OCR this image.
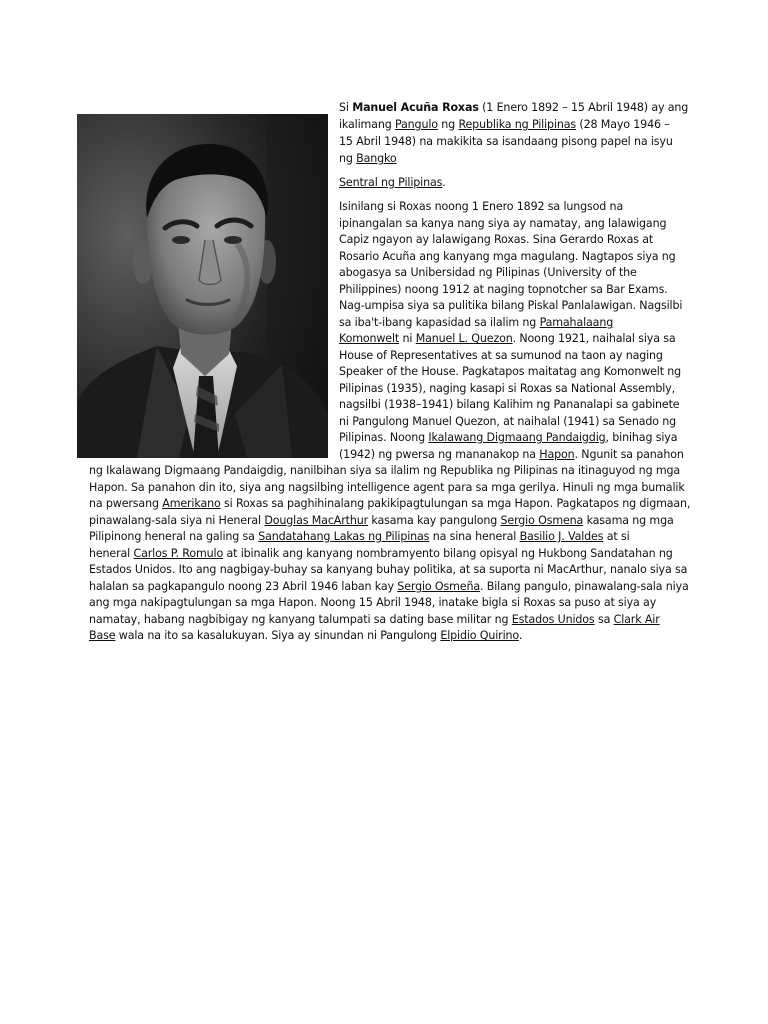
Si Manuel Acuña Roxas (1 Enero 1892 – 15 Abril 1948) ay ang
ikalimang Pangulo ng Republika ng Pilipinas (28 Mayo 1946 –
15 Abril 1948) na makikita sa isandaang pisong papel na isyu
ng Bangko
Sentral ng Pilipinas.
Isinilang si Roxas noong 1 Enero 1892 sa lungsod na
ipinangalan sa kanya nang siya ay namatay, ang lalawigang
Capiz ngayon ay lalawigang Roxas. Sina Gerardo Roxas at
Rosario Acuña ang kanyang mga magulang. Nagtapos siya ng
abogasya sa Unibersidad ng Pilipinas (University of the
Philippines) noong 1912 at naging topnotcher sa Bar Exams.
Nag-umpisa siya sa pulitika bilang Piskal Panlalawigan. Nagsilbi
sa iba't-ibang kapasidad sa ilalim ng Pamahalaang
Komonwelt ni Manuel L. Quezon. Noong 1921, naihalal siya sa
House of Representatives at sa sumunod na taon ay naging
Speaker of the House. Pagkatapos maitatag ang Komonwelt ng
Pilipinas (1935), naging kasapi si Roxas sa National Assembly,
nagsilbi (1938–1941) bilang Kalihim ng Pananalapi sa gabinete
ni Pangulong Manuel Quezon, at naihalal (1941) sa Senado ng
Pilipinas. Noong Ikalawang Digmaang Pandaigdig, binihag siya
(1942) ng pwersa ng mananakop na Hapon. Ngunit sa panahon
ng Ikalawang Digmaang Pandaigdig, nanilbihan siya sa ilalim ng Republika ng Pilipinas na itinaguyod ng mga
Hapon. Sa panahon din ito, siya ang nagsilbing intelligence agent para sa mga gerilya. Hinuli ng mga bumalik
na pwersang Amerikano si Roxas sa paghihinalang pakikipagtulungan sa mga Hapon. Pagkatapos ng digmaan,
pinawalang-sala siya ni Heneral Douglas MacArthur kasama kay pangulong Sergio Osmena kasama ng mga
Pilipinong heneral na galing sa Sandatahang Lakas ng Pilipinas na sina heneral Basilio J. Valdes at si
heneral Carlos P. Romulo at ibinalik ang kanyang nombramyento bilang opisyal ng Hukbong Sandatahan ng
Estados Unidos. Ito ang nagbigay-buhay sa kanyang buhay politika, at sa suporta ni MacArthur, nanalo siya sa
halalan sa pagkapangulo noong 23 Abril 1946 laban kay Sergio Osmeña. Bilang pangulo, pinawalang-sala niya
ang mga nakipagtulungan sa mga Hapon. Noong 15 Abril 1948, inatake bigla si Roxas sa puso at siya ay
namatay, habang nagbibigay ng kanyang talumpati sa dating base militar ng Estados Unidos sa Clark Air
Base wala na ito sa kasalukuyan. Siya ay sinundan ni Pangulong Elpidio Quirino.
